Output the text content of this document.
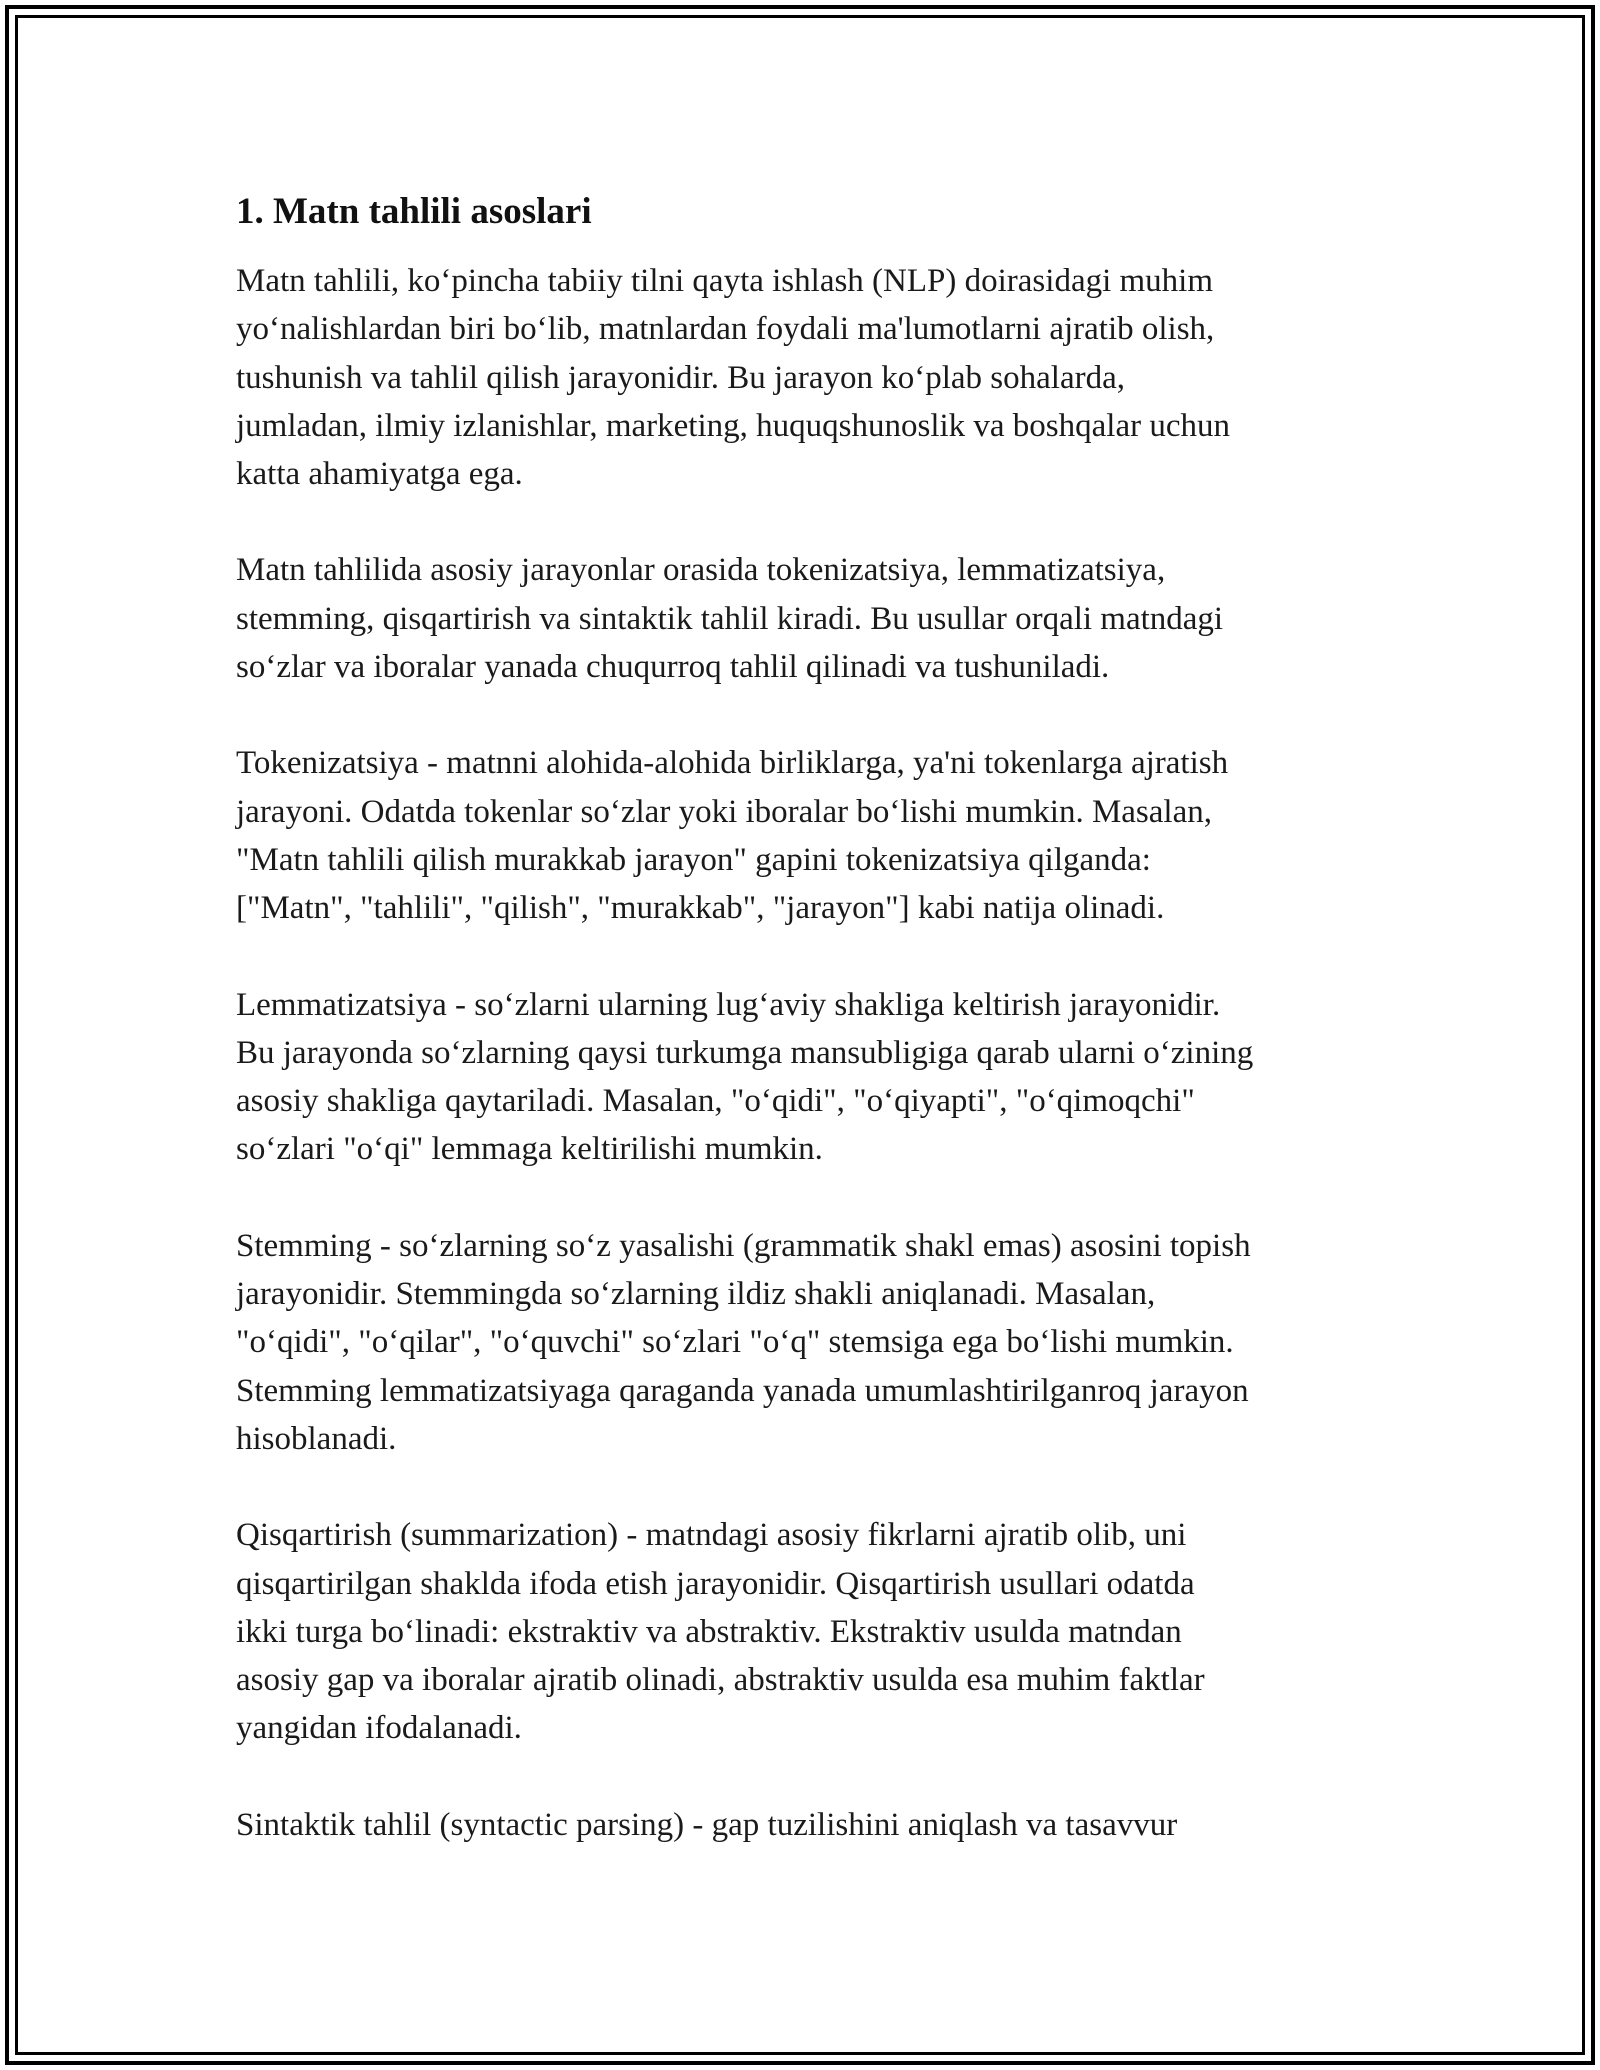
1. Matn tahlili asoslari
Matn tahlili, ko‘pincha tabiiy tilni qayta ishlash (NLP) doirasidagi muhim
yo‘nalishlardan biri bo‘lib, matnlardan foydali ma'lumotlarni ajratib olish,
tushunish va tahlil qilish jarayonidir. Bu jarayon ko‘plab sohalarda,
jumladan, ilmiy izlanishlar, marketing, huquqshunoslik va boshqalar uchun
katta ahamiyatga ega.
Matn tahlilida asosiy jarayonlar orasida tokenizatsiya, lemmatizatsiya,
stemming, qisqartirish va sintaktik tahlil kiradi. Bu usullar orqali matndagi
so‘zlar va iboralar yanada chuqurroq tahlil qilinadi va tushuniladi.
Tokenizatsiya - matnni alohida-alohida birliklarga, ya'ni tokenlarga ajratish
jarayoni. Odatda tokenlar so‘zlar yoki iboralar bo‘lishi mumkin. Masalan,
"Matn tahlili qilish murakkab jarayon" gapini tokenizatsiya qilganda:
["Matn", "tahlili", "qilish", "murakkab", "jarayon"] kabi natija olinadi.
Lemmatizatsiya - so‘zlarni ularning lug‘aviy shakliga keltirish jarayonidir.
Bu jarayonda so‘zlarning qaysi turkumga mansubligiga qarab ularni o‘zining
asosiy shakliga qaytariladi. Masalan, "o‘qidi", "o‘qiyapti", "o‘qimoqchi"
so‘zlari "o‘qi" lemmaga keltirilishi mumkin.
Stemming - so‘zlarning so‘z yasalishi (grammatik shakl emas) asosini topish
jarayonidir. Stemmingda so‘zlarning ildiz shakli aniqlanadi. Masalan,
"o‘qidi", "o‘qilar", "o‘quvchi" so‘zlari "o‘q" stemsiga ega bo‘lishi mumkin.
Stemming lemmatizatsiyaga qaraganda yanada umumlashtirilganroq jarayon
hisoblanadi.
Qisqartirish (summarization) - matndagi asosiy fikrlarni ajratib olib, uni
qisqartirilgan shaklda ifoda etish jarayonidir. Qisqartirish usullari odatda
ikki turga bo‘linadi: ekstraktiv va abstraktiv. Ekstraktiv usulda matndan
asosiy gap va iboralar ajratib olinadi, abstraktiv usulda esa muhim faktlar
yangidan ifodalanadi.
Sintaktik tahlil (syntactic parsing) - gap tuzilishini aniqlash va tasavvur
